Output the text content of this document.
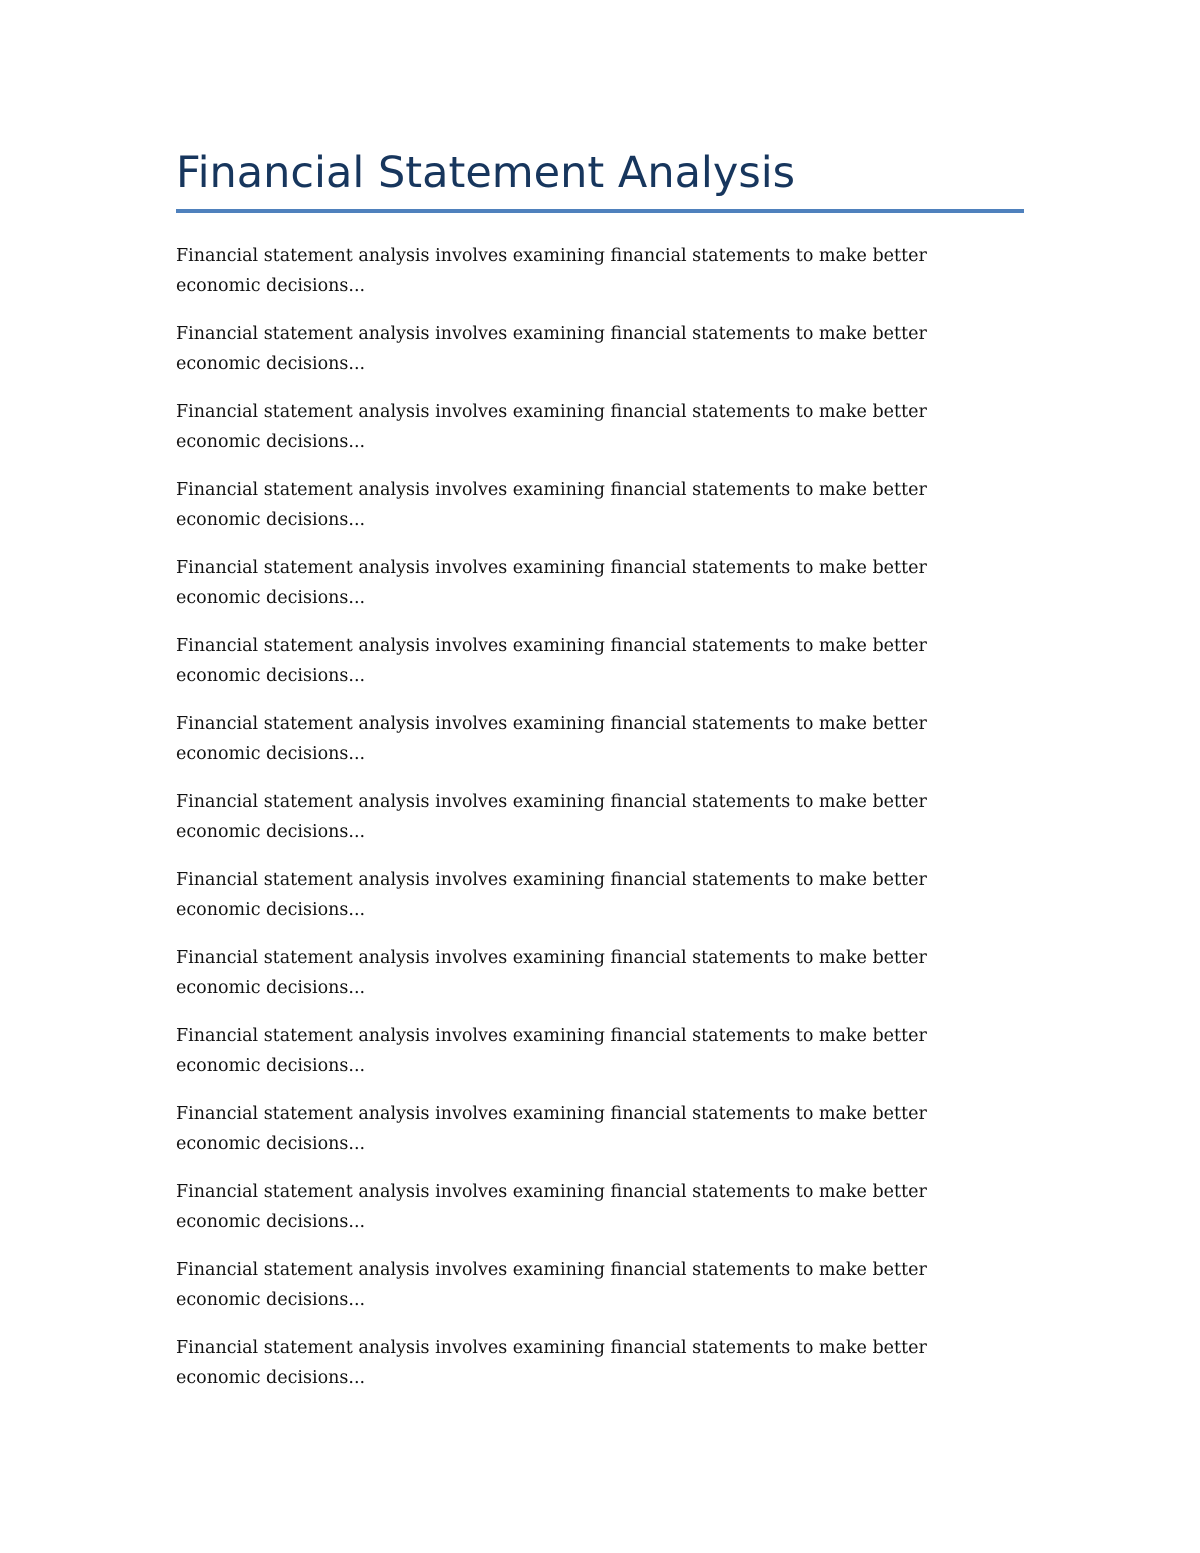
Financial Statement Analysis

Financial statement analysis involves examining financial statements to make better economic decisions...

Financial statement analysis involves examining financial statements to make better economic decisions...

Financial statement analysis involves examining financial statements to make better economic decisions...

Financial statement analysis involves examining financial statements to make better economic decisions...

Financial statement analysis involves examining financial statements to make better economic decisions...

Financial statement analysis involves examining financial statements to make better economic decisions...

Financial statement analysis involves examining financial statements to make better economic decisions...

Financial statement analysis involves examining financial statements to make better economic decisions...

Financial statement analysis involves examining financial statements to make better economic decisions...

Financial statement analysis involves examining financial statements to make better economic decisions...

Financial statement analysis involves examining financial statements to make better economic decisions...

Financial statement analysis involves examining financial statements to make better economic decisions...

Financial statement analysis involves examining financial statements to make better economic decisions...

Financial statement analysis involves examining financial statements to make better economic decisions...

Financial statement analysis involves examining financial statements to make better economic decisions...
